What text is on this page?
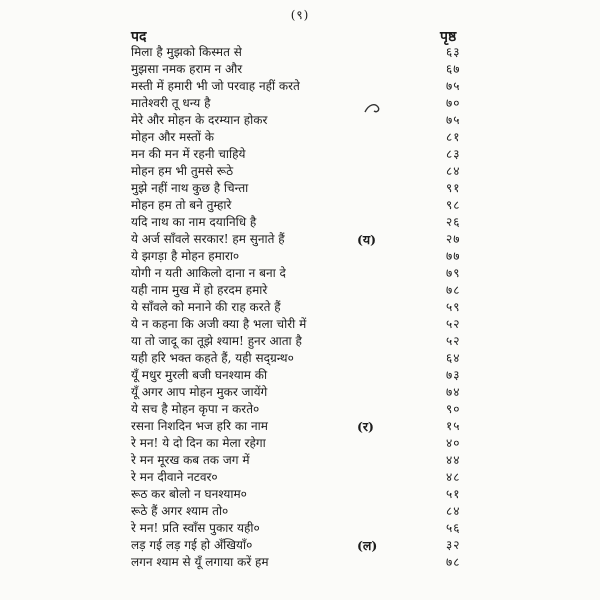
(९)
पद	पृष्ठ
मिला है मुझको किस्मत से	६३
मुझसा नमक हराम न और	६७
मस्ती में हमारी भी जो परवाह नहीं करते	७५
मातेश्वरी तू धन्य है	७०
मेरे और मोहन के दरम्यान होकर	७५
मोहन और मस्तों के	८१
मन की मन में रहनी चाहिये	८३
मोहन हम भी तुमसे रूठे	८४
मुझे नहीं नाथ कुछ है चिन्ता	९१
मोहन हम तो बने तुम्हारे	९८
यदि नाथ का नाम दयानिधि है	२६
ये अर्ज साँवले सरकार! हम सुनाते हैं	(य)	२७
ये झगड़ा है मोहन हमारा०	७७
योगी न यती आकिलो दाना न बना दे	७९
यही नाम मुख में हो हरदम हमारे	७८
ये साँवले को मनाने की राह करते हैं	५९
ये न कहना कि अजी क्या है भला चोरी में	५२
या तो जादू का तूझे श्याम! हुनर आता है	५२
यही हरि भक्त कहते हैं, यही सद्ग्रन्थ०	६४
यूँ मधुर मुरली बजी घनश्याम की	७३
यूँ अगर आप मोहन मुकर जायेंगे	७४
ये सच है मोहन कृपा न करते०	९०
रसना निशदिन भज हरि का नाम	(र)	१५
रे मन! ये दो दिन का मेला रहेगा	४०
रे मन मूरख कब तक जग में	४४
रे मन दीवाने नटवर०	४८
रूठ कर बोलो न घनश्याम०	५१
रूठे हैं अगर श्याम तो०	८४
रे मन! प्रति स्वाँस पुकार यही०	५६
लड़ गई लड़ गई हो अँखियाँ०	(ल)	३२
लगन श्याम से यूँ लगाया करें हम	७८
